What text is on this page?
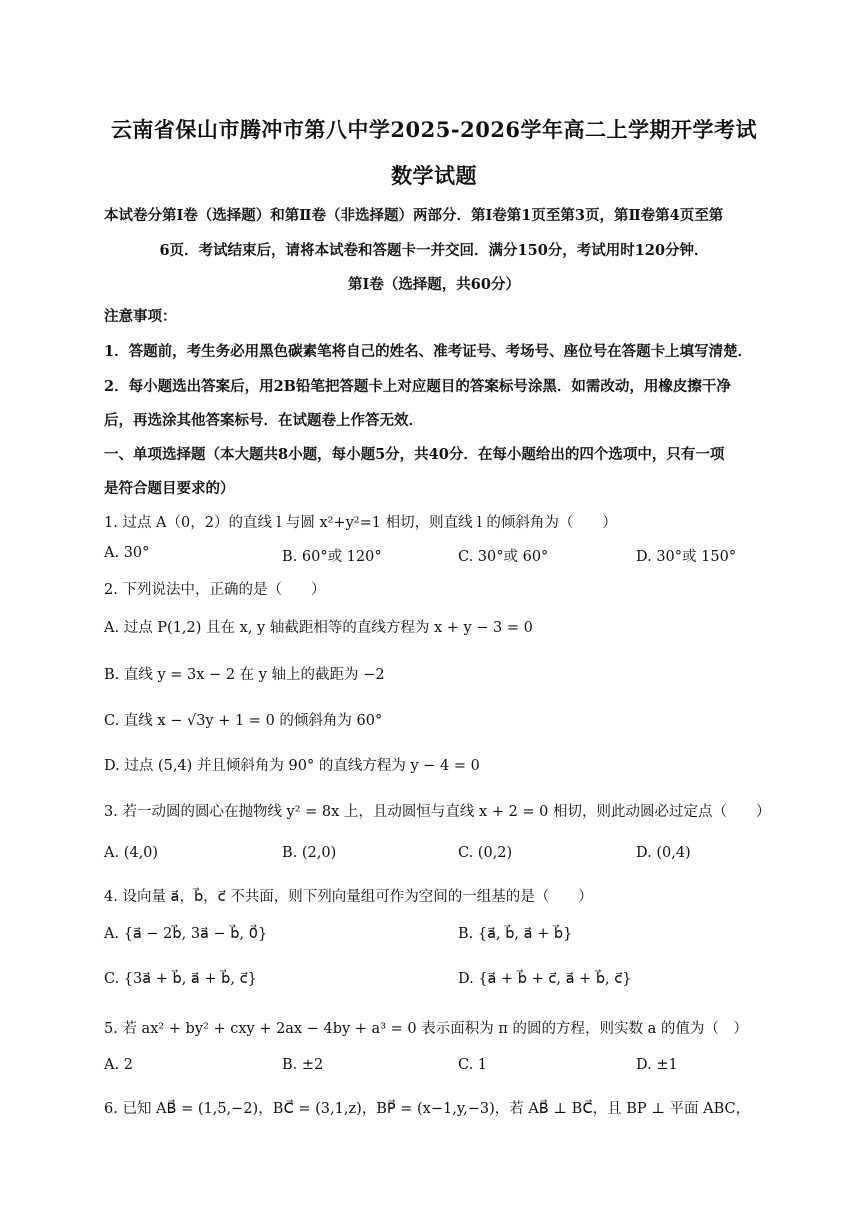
云南省保山市腾冲市第八中学2025-2026学年高二上学期开学考试
数学试题
本试卷分第Ⅰ卷（选择题）和第Ⅱ卷（非选择题）两部分．第Ⅰ卷第1页至第3页，第Ⅱ卷第4页至第
6页．考试结束后，请将本试卷和答题卡一并交回．满分150分，考试用时120分钟．
第Ⅰ卷（选择题，共60分）
注意事项：
1．答题前，考生务必用黑色碳素笔将自己的姓名、准考证号、考场号、座位号在答题卡上填写清楚．
2．每小题选出答案后，用2B铅笔把答题卡上对应题目的答案标号涂黑．如需改动，用橡皮擦干净
后，再选涂其他答案标号．在试题卷上作答无效．
一、单项选择题（本大题共8小题，每小题5分，共40分．在每小题给出的四个选项中，只有一项
是符合题目要求的）
1. 过点 A（0，2）的直线 l 与圆 x²+y²=1 相切，则直线 l 的倾斜角为（　　）
A. 30°	B. 60°或 120°	C. 30°或 60°	D. 30°或 150°
2. 下列说法中，正确的是（　　）
A. 过点 P(1,2) 且在 x, y 轴截距相等的直线方程为 x + y − 3 = 0
B. 直线 y = 3x − 2 在 y 轴上的截距为 −2
C. 直线 x − √3y + 1 = 0 的倾斜角为 60°
D. 过点 (5,4) 并且倾斜角为 90° 的直线方程为 y − 4 = 0
3. 若一动圆的圆心在抛物线 y² = 8x 上，且动圆恒与直线 x + 2 = 0 相切，则此动圆必过定点（　　）
A. (4,0)	B. (2,0)	C. (0,2)	D. (0,4)
4. 设向量 a⃗，b⃗，c⃗ 不共面，则下列向量组可作为空间的一组基的是（　　）
A. {a⃗ − 2b⃗, 3a⃗ − b⃗, 0⃗}	B. {a⃗, b⃗, a⃗ + b⃗}
C. {3a⃗ + b⃗, a⃗ + b⃗, c⃗}	D. {a⃗ + b⃗ + c⃗, a⃗ + b⃗, c⃗}
5. 若 ax² + by² + cxy + 2ax − 4by + a³ = 0 表示面积为 π 的圆的方程，则实数 a 的值为（　）
A. 2	B. ±2	C. 1	D. ±1
6. 已知 AB⃗ = (1,5,−2)，BC⃗ = (3,1,z)，BP⃗ = (x−1,y,−3)，若 AB⃗ ⊥ BC⃗，且 BP ⊥ 平面 ABC，
